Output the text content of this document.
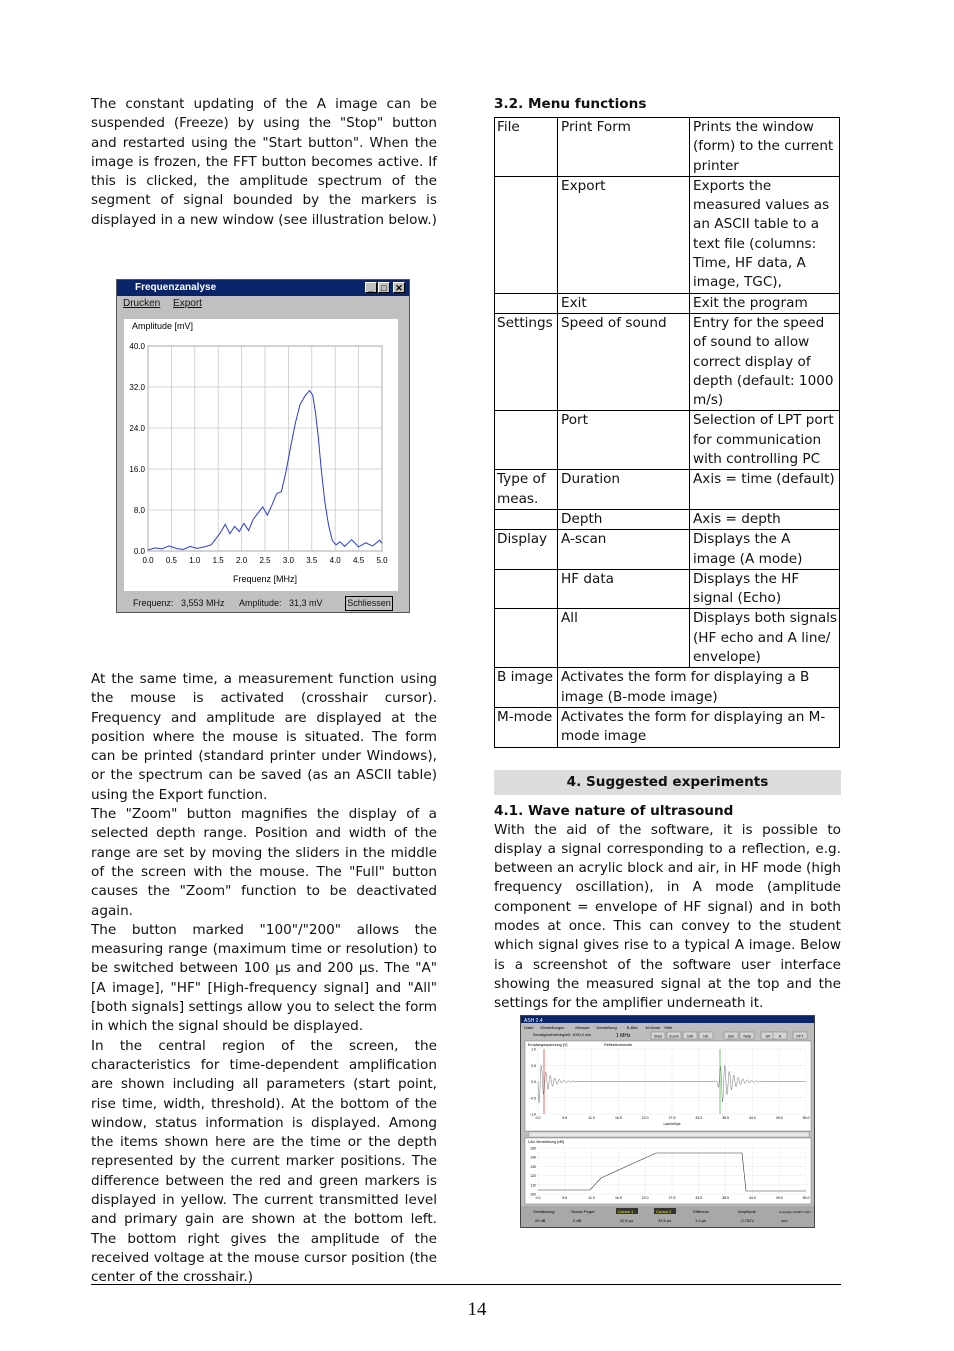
The constant updating of the A image can be suspended (Freeze) by using the "Stop" button and restarted using the "Start button". When the image is frozen, the FFT button becomes active. If this is clicked, the amplitude spectrum of the segment of signal bounded by the markers is displayed in a new window (see illustration below.)

Frequenzanalyse	_ □ ✕
Drucken Export
Amplitude [mV]
0.0 0.5 1.0 1.5 2.0 2.5 3.0 3.5 4.0 4.5 5.0
40.0
32.0
24.0
16.0
8.0
0.0
Frequenz [MHz]
Frequenz: 3,553 MHz Amplitude: 31,3 mV	Schliessen

At the same time, a measurement function using the mouse is activated (crosshair cursor). Frequency and amplitude are displayed at the position where the mouse is situated. The form can be printed (standard printer under Windows), or the spectrum can be saved (as an ASCII table) using the Export function.

The "Zoom" button magnifies the display of a selected depth range. Position and width of the range are set by moving the sliders in the middle of the screen with the mouse. The "Full" button causes the "Zoom" function to be deactivated again.

The button marked "100"/"200" allows the measuring range (maximum time or resolution) to be switched between 100 µs and 200 µs. The "A" [A image], "HF" [High-frequency signal] and "All" [both signals] settings allow you to select the form in which the signal should be displayed.

In the central region of the screen, the characteristics for time-dependent amplification are shown including all parameters (start point, rise time, width, threshold). At the bottom of the window, status information is displayed. Among the items shown here are the time or the depth represented by the current marker positions. The difference between the red and green markers is displayed in yellow. The current transmitted level and primary gain are shown at the bottom left. The bottom right gives the amplitude of the received voltage at the mouse cursor position (the center of the crosshair.)

3.2. Menu functions
File	Print Form	Prints the window (form) to the current printer
	Export	Exports the measured values as an ASCII table to a text file (columns: Time, HF data, A image, TGC),
	Exit	Exit the program
Settings	Speed of sound	Entry for the speed of sound to allow correct display of depth (default: 1000 m/s)
	Port	Selection of LPT port for communication with controlling PC
Type of meas.	Duration	Axis = time (default)
	Depth	Axis = depth
Display	A-scan	Displays the A image (A mode)
	HF data	Displays the HF signal (Echo)
	All	Displays both signals (HF echo and A line/ envelope)
B image	Activates the form for displaying a B image (B-mode image)	
M-mode	Activates the form for displaying an M-mode image	
4. Suggested experiments
4.1. Wave nature of ultrasound

With the aid of the software, it is possible to display a signal corresponding to a reflection, e.g. between an acrylic block and air, in HF mode (high frequency oscillation), in A mode (amplitude component = envelope of HF signal) and in both modes at once. This can convey to the student which signal gives rise to a typical A image. Below is a screenshot of the software user interface showing the measured signal at the top and the settings for the amplifier underneath it.

ASH 2.4
Datei Einstellungen	Messart Darstellung	B-Bild M-Mode Hilfe
Schallgeschwindigkeit: 1000,0 m/s	1 MHz	Start Zoom 100	HE	Zeit Tiefe	HF A	FFT
Empfangsspannung [V]	Reflektionsmode
1.0
0.5
0.0
-0.5
-1.0
0.0	5.5	11.0	16.5	22.0	27.5	33.0	38.5	44.0	49.5	55.0
Laufzeit/µs
LAV-Verstärkung [dB]
150
140
130
120
110
100
0.0	5.5	11.0	16.5	22.0	27.5	33.0	38.5	44.0	49.5	55.0
Verstärkung:	Sende-Pegel:	Cursor 1	Cursor 2	Differenz	Amplitude	Copyright GAMPT mbH
25 dB	0 dB	32.5 µs	33.5 µs	1.0 µs	-2.752V	2002
14
